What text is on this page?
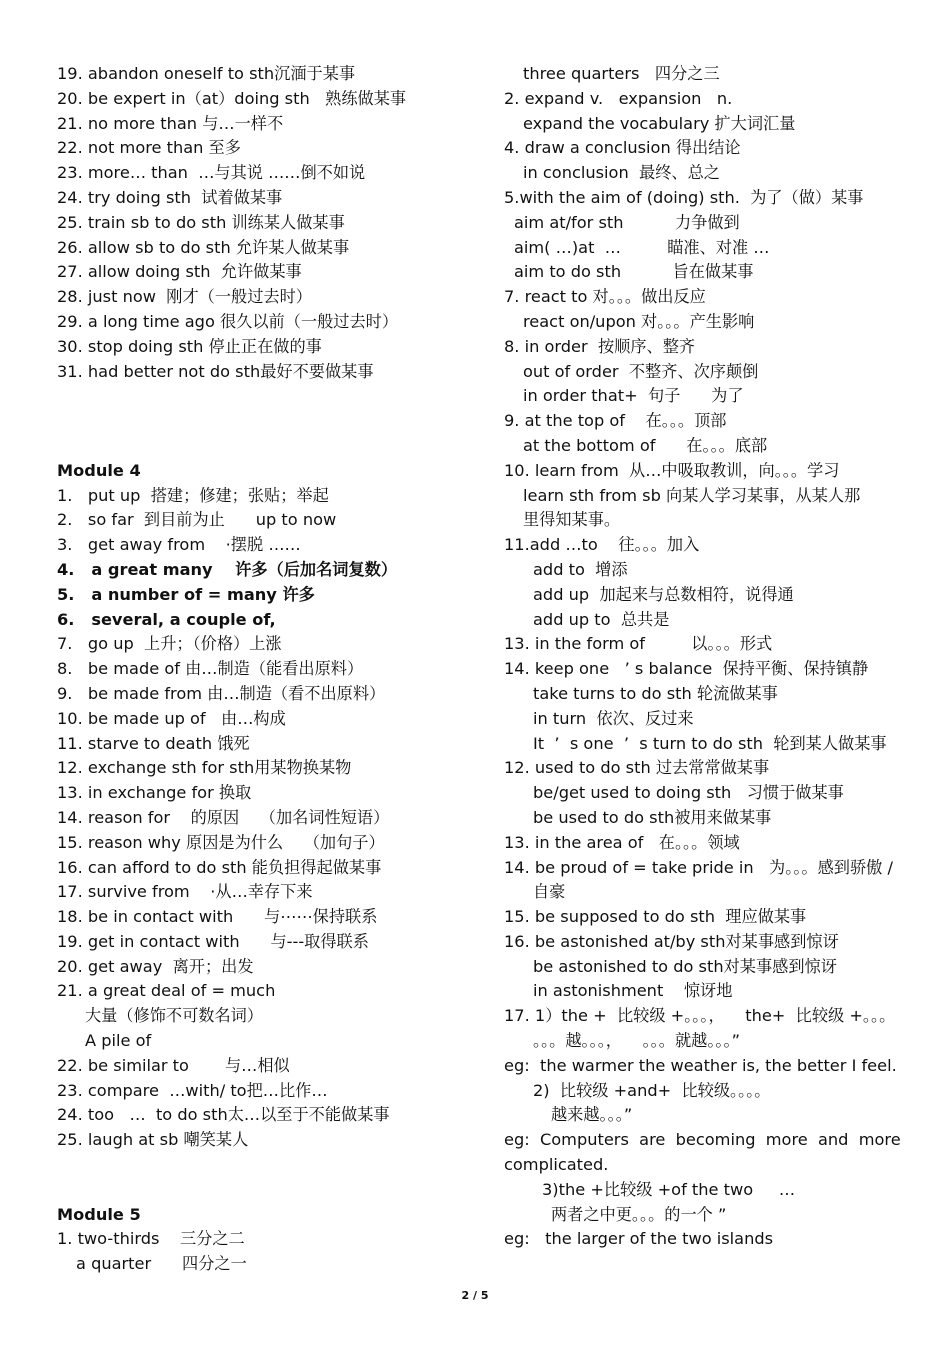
19. abandon oneself to sth沉湎于某事
20. be expert in（at）doing sth   熟练做某事
21. no more than 与…一样不
22. not more than 至多
23. more… than  …与其说 ……倒不如说
24. try doing sth  试着做某事
25. train sb to do sth 训练某人做某事
26. allow sb to do sth 允许某人做某事
27. allow doing sth  允许做某事
28. just now  刚才（一般过去时）
29. a long time ago 很久以前（一般过去时）
30. stop doing sth 停止正在做的事
31. had better not do sth最好不要做某事
Module 4
1.   put up  搭建；修建；张贴；举起
2.   so far  到目前为止      up to now
3.   get away from    ·摆脱 ……
4.   a great many    许多（后加名词复数）
5.   a number of = many 许多
6.   several, a couple of,
7.   go up  上升；（价格）上涨
8.   be made of 由…制造（能看出原料）
9.   be made from 由…制造（看不出原料）
10. be made up of   由…构成
11. starve to death 饿死
12. exchange sth for sth用某物换某物
13. in exchange for 换取
14. reason for    的原因    （加名词性短语）
15. reason why 原因是为什么    （加句子）
16. can afford to do sth 能负担得起做某事
17. survive from    ·从…幸存下来
18. be in contact with      与⋯⋯保持联系
19. get in contact with      与---取得联系
20. get away  离开；出发
21. a great deal of = much
大量（修饰不可数名词）
A pile of
22. be similar to       与…相似
23. compare  …with/ to把…比作…
24. too   …  to do sth太…以至于不能做某事
25. laugh at sb 嘲笑某人
Module 5
1. two-thirds    三分之二
a quarter      四分之一
three quarters   四分之三
2. expand v.   expansion   n.
expand the vocabulary 扩大词汇量
4. draw a conclusion 得出结论
in conclusion  最终、总之
5.with the aim of (doing) sth.  为了（做）某事
aim at/for sth          力争做到
aim( …)at  …         瞄准、对准 …
aim to do sth          旨在做某事
7. react to 对。。。做出反应
react on/upon 对。。。产生影响
8. in order  按顺序、整齐
out of order  不整齐、次序颠倒
in order that+  句子      为了
9. at the top of    在。。。顶部
at the bottom of      在。。。底部
10. learn from  从…中吸取教训，向。。。学习
learn sth from sb 向某人学习某事，从某人那
里得知某事。
11.add …to    往。。。加入
add to  增添
add up  加起来与总数相符，说得通
add up to  总共是
13. in the form of         以。。。形式
14. keep one   ’ s balance  保持平衡、保持镇静
take turns to do sth 轮流做某事
in turn  依次、反过来
It  ’  s one  ’  s turn to do sth  轮到某人做某事
12. used to do sth 过去常常做某事
be/get used to doing sth   习惯于做某事
be used to do sth被用来做某事
13. in the area of   在。。。领域
14. be proud of = take pride in   为。。。感到骄傲 /
自豪
15. be supposed to do sth  理应做某事
16. be astonished at/by sth对某事感到惊讶
be astonished to do sth对某事感到惊讶
in astonishment    惊讶地
17. 1）the +  比较级 +。。。，    the+  比较级 +。。。
。。。越。。。，    。。。就越。。。”
eg:  the warmer the weather is, the better I feel.
2)  比较级 +and+  比较级。。。。
越来越。。。”
eg:  Computers  are  becoming  more  and  more
complicated.
3)the +比较级 +of the two     …
两者之中更。。。的一个 ”
eg:   the larger of the two islands
2 / 5
